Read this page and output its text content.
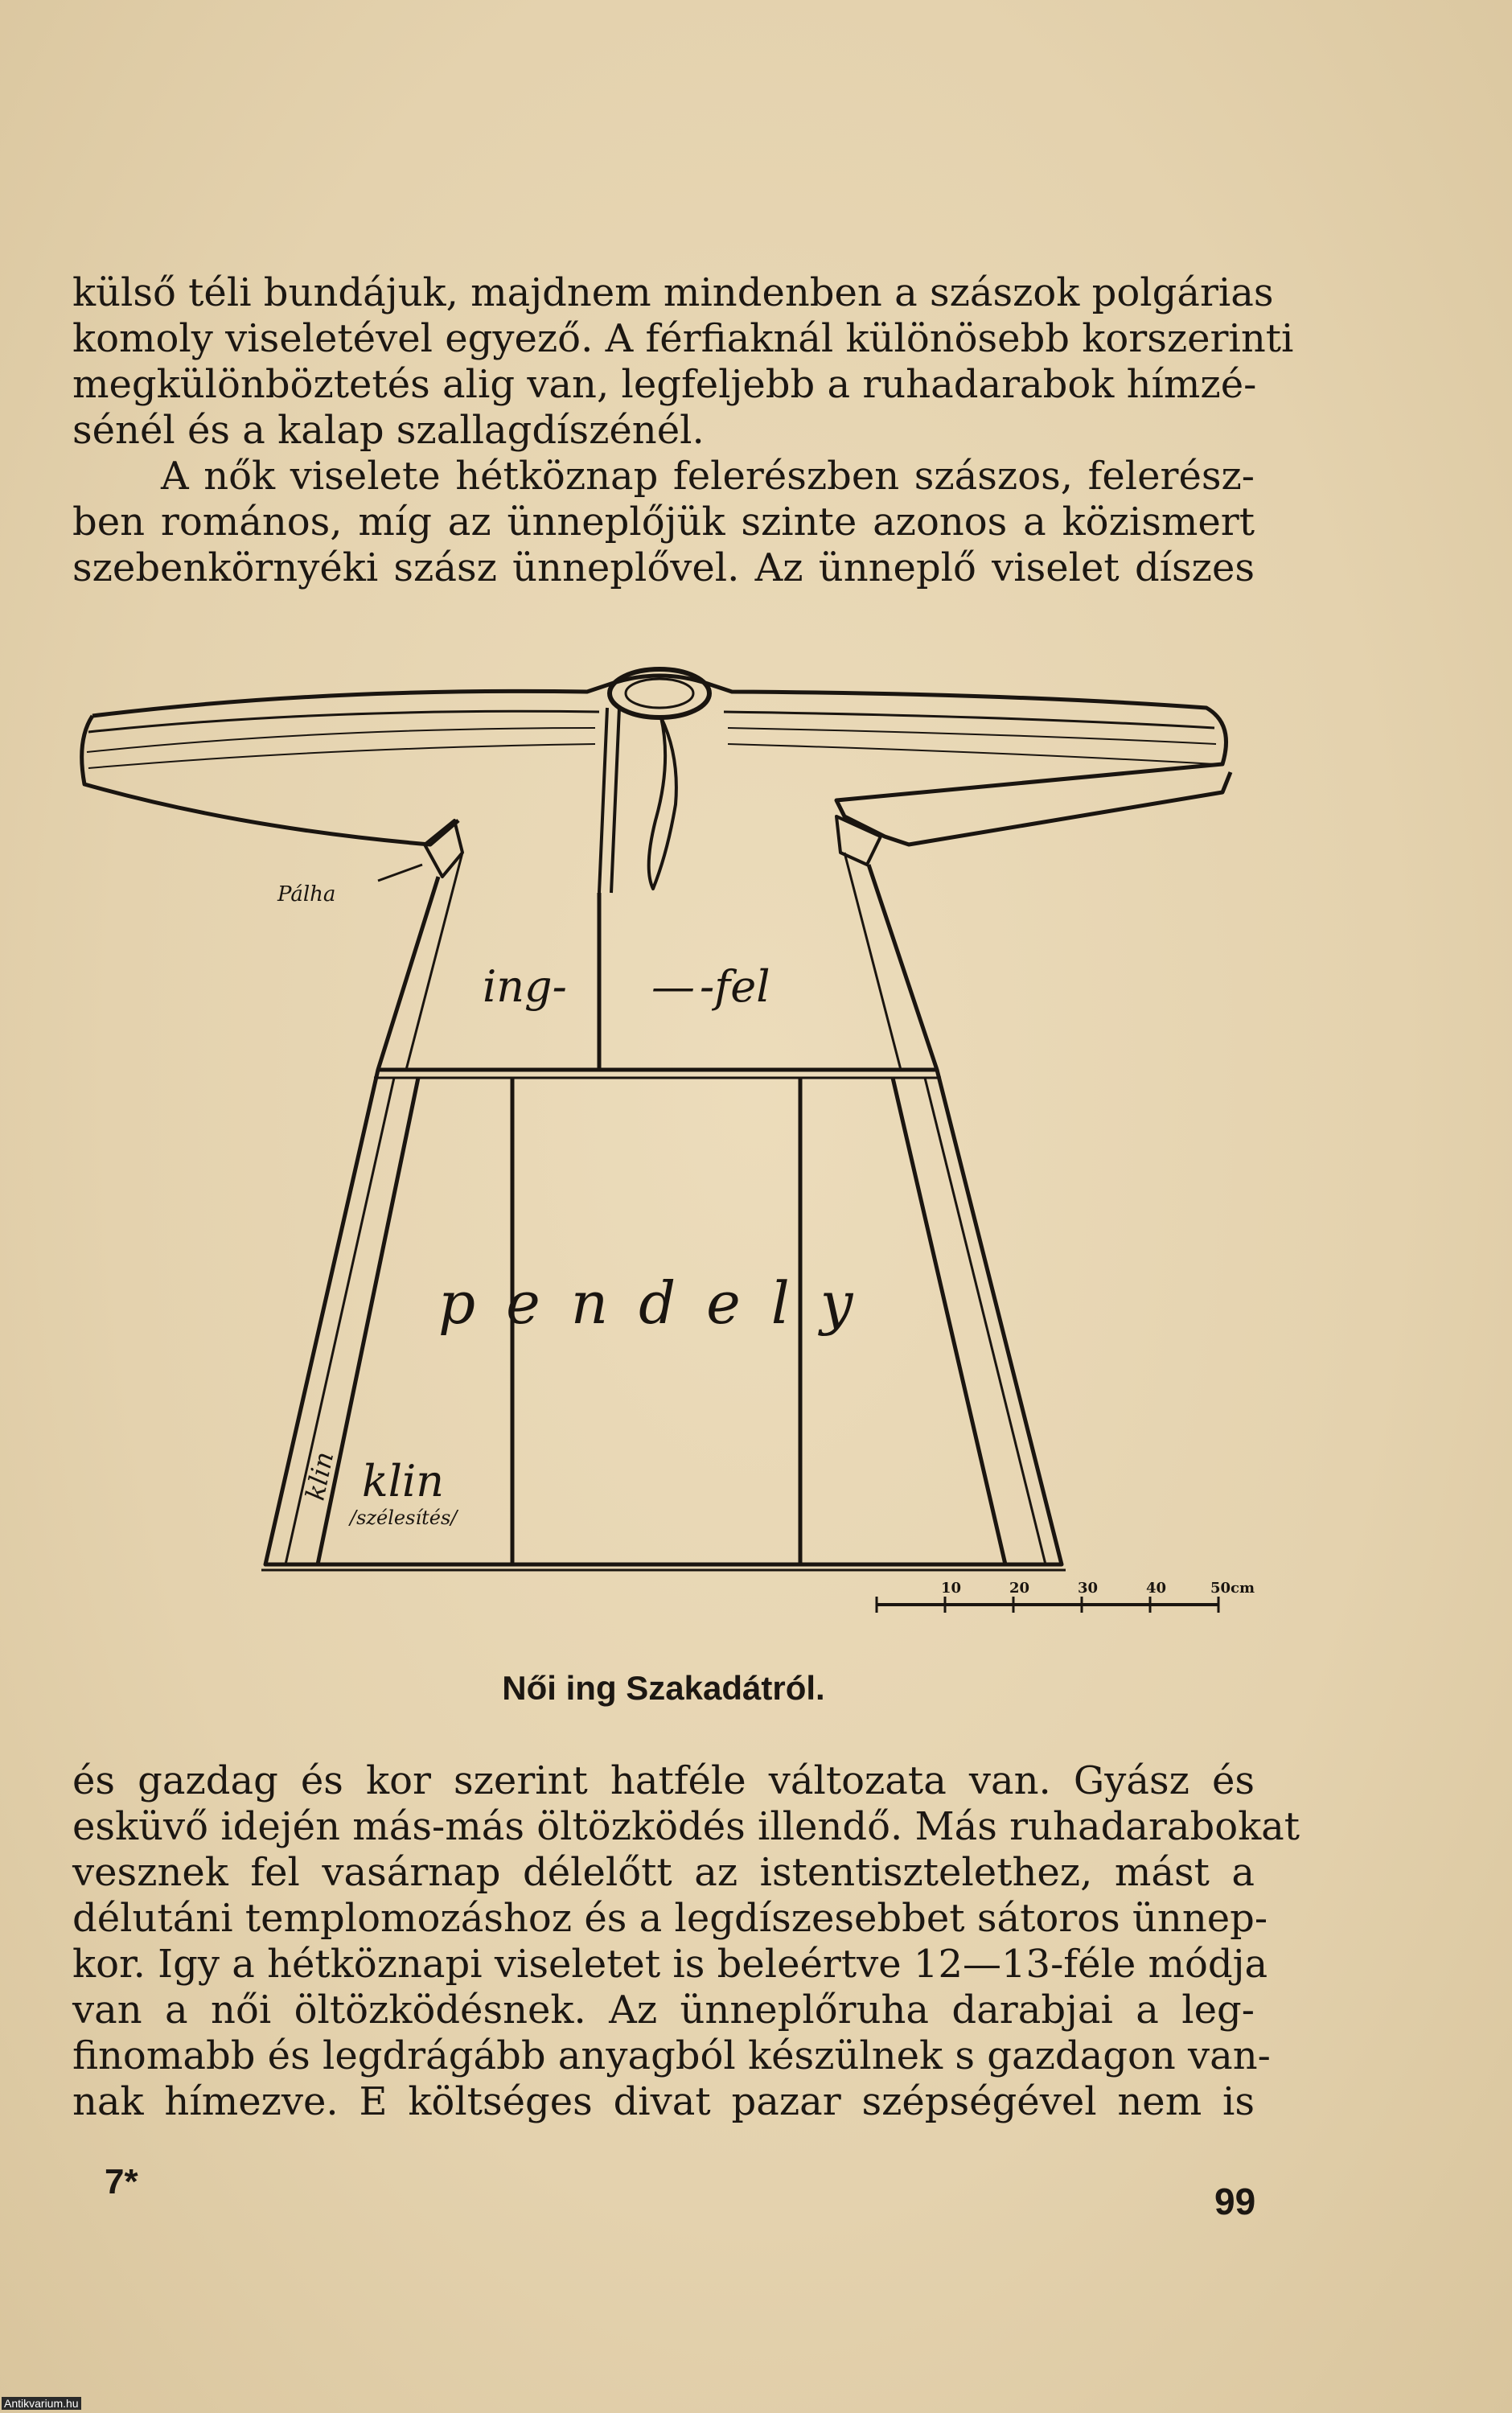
külső téli bundájuk, majdnem mindenben a szászok polgárias
komoly viseletével egyező. A férfiaknál különösebb korszerinti
megkülönböztetés alig van, legfeljebb a ruhadarabok hímzé-
sénél és a kalap szallagdíszénél.
A nők viselete hétköznap felerészben szászos, felerész-
ben romános, míg az ünneplőjük szinte azonos a közismert
szebenkörnyéki szász ünneplővel. Az ünneplő viselet díszes
Pálha
ing- — -fel
pendely
klin
/szélesítés/
klin
10	20	30	40	50cm
Női ing Szakadátról.
és gazdag és kor szerint hatféle változata van. Gyász és
esküvő idején más-más öltözködés illendő. Más ruhadarabokat
vesznek fel vasárnap délelőtt az istentisztelethez, mást a
délutáni templomozáshoz és a legdíszesebbet sátoros ünnep-
kor. Igy a hétköznapi viseletet is beleértve 12—13-féle módja
van a női öltözködésnek. Az ünneplőruha darabjai a leg-
finomabb és legdrágább anyagból készülnek s gazdagon van-
nak hímezve. E költséges divat pazar szépségével nem is
7*	99
Antikvarium.hu
